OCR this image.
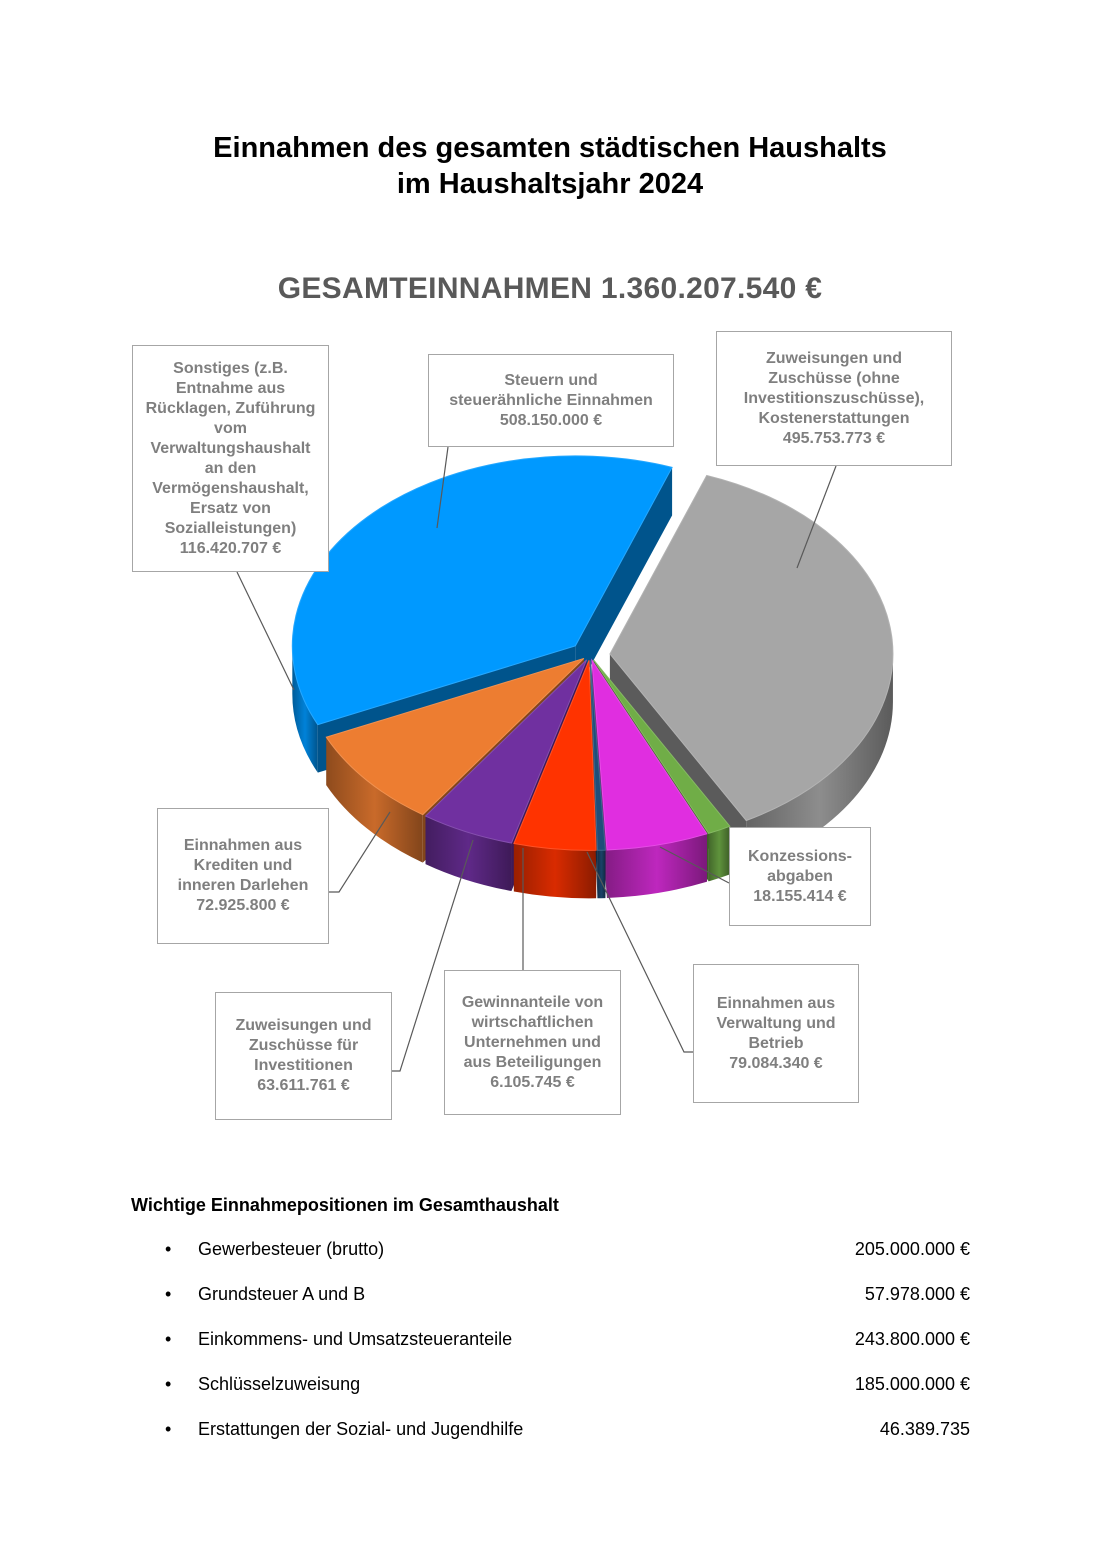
Einnahmen des gesamten städtischen Haushalts
im Haushaltsjahr 2024
GESAMTEINNAHMEN 1.360.207.540 €
Zuweisungen und
Zuschüsse (ohne
Investitionszuschüsse),
Kostenerstattungen
495.753.773 €
Konzessions-
abgaben
18.155.414 €
Einnahmen aus
Verwaltung und
Betrieb
79.084.340 €
Gewinnanteile von
wirtschaftlichen
Unternehmen und
aus Beteiligungen
6.105.745 €
Zuweisungen und
Zuschüsse für
Investitionen
63.611.761 €
Einnahmen aus
Krediten und
inneren Darlehen
72.925.800 €
Sonstiges (z.B.
Entnahme aus
Rücklagen, Zuführung
vom
Verwaltungshaushalt
an den
Vermögenshaushalt,
Ersatz von
Sozialleistungen)
116.420.707 €
Steuern und
steuerähnliche Einnahmen
508.150.000 €
Wichtige Einnahmepositionen im Gesamthaushalt
• Gewerbesteuer (brutto)	205.000.000 €
• Grundsteuer A und B	57.978.000 €
• Einkommens- und Umsatzsteueranteile	243.800.000 €
• Schlüsselzuweisung	185.000.000 €
• Erstattungen der Sozial- und Jugendhilfe	46.389.735
